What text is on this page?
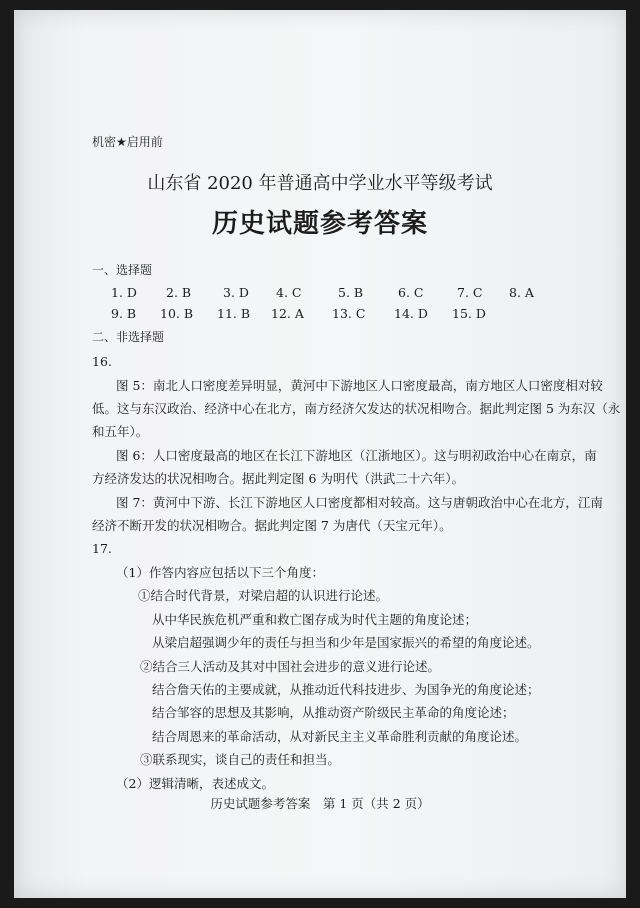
机密★启用前
山东省 2020 年普通高中学业水平等级考试
历史试题参考答案
一、选择题
1. D 2. B	3. D 4. C	5. B	6. C	7. C 8. A
9. B 10. B 11. B 12. A 13. C 14. D 15. D
二、非选择题
16.
图 5：南北人口密度差异明显，黄河中下游地区人口密度最高，南方地区人口密度相对较
低。这与东汉政治、经济中心在北方，南方经济欠发达的状况相吻合。据此判定图 5 为东汉（永
和五年）。
图 6：人口密度最高的地区在长江下游地区（江浙地区）。这与明初政治中心在南京，南
方经济发达的状况相吻合。据此判定图 6 为明代（洪武二十六年）。
图 7：黄河中下游、长江下游地区人口密度都相对较高。这与唐朝政治中心在北方，江南
经济不断开发的状况相吻合。据此判定图 7 为唐代（天宝元年）。
17.
（1）作答内容应包括以下三个角度：
①结合时代背景，对梁启超的认识进行论述。
从中华民族危机严重和救亡图存成为时代主题的角度论述；
从梁启超强调少年的责任与担当和少年是国家振兴的希望的角度论述。
②结合三人活动及其对中国社会进步的意义进行论述。
结合詹天佑的主要成就，从推动近代科技进步、为国争光的角度论述；
结合邹容的思想及其影响，从推动资产阶级民主革命的角度论述；
结合周恩来的革命活动，从对新民主主义革命胜利贡献的角度论述。
③联系现实，谈自己的责任和担当。
（2）逻辑清晰，表述成文。
历史试题参考答案　第 1 页（共 2 页）
